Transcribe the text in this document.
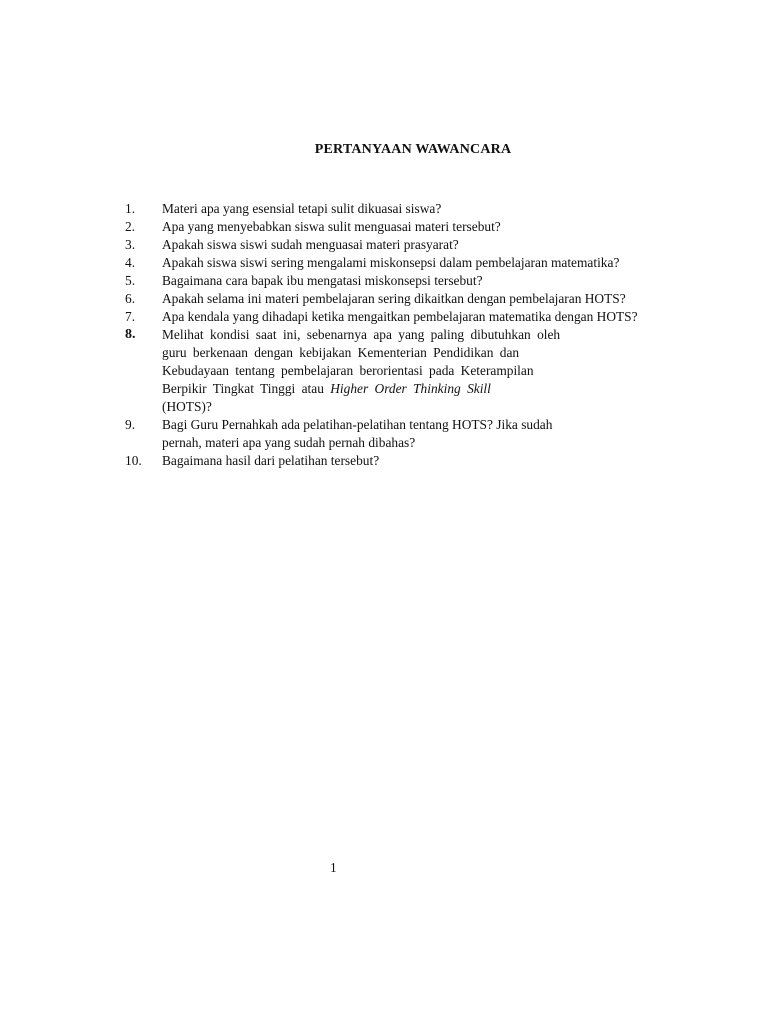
PERTANYAAN WAWANCARA
1.	Materi apa yang esensial tetapi sulit dikuasai siswa?
2.	Apa yang menyebabkan siswa sulit menguasai materi tersebut?
3.	Apakah siswa siswi sudah menguasai materi prasyarat?
4.	Apakah siswa siswi sering mengalami miskonsepsi dalam pembelajaran matematika?
5.	Bagaimana cara bapak ibu mengatasi miskonsepsi tersebut?
6.	Apakah selama ini materi pembelajaran sering dikaitkan dengan pembelajaran HOTS?
7.	Apa kendala yang dihadapi ketika mengaitkan pembelajaran matematika dengan HOTS?
8.	Melihat kondisi saat ini, sebenarnya apa yang paling dibutuhkan oleh
guru berkenaan dengan kebijakan Kementerian Pendidikan dan
Kebudayaan tentang pembelajaran berorientasi pada Keterampilan
Berpikir Tingkat Tinggi atau Higher Order Thinking Skill
(HOTS)?
9.	Bagi Guru Pernahkah ada pelatihan-pelatihan tentang HOTS? Jika sudah
pernah, materi apa yang sudah pernah dibahas?
10.	Bagaimana hasil dari pelatihan tersebut?
1
